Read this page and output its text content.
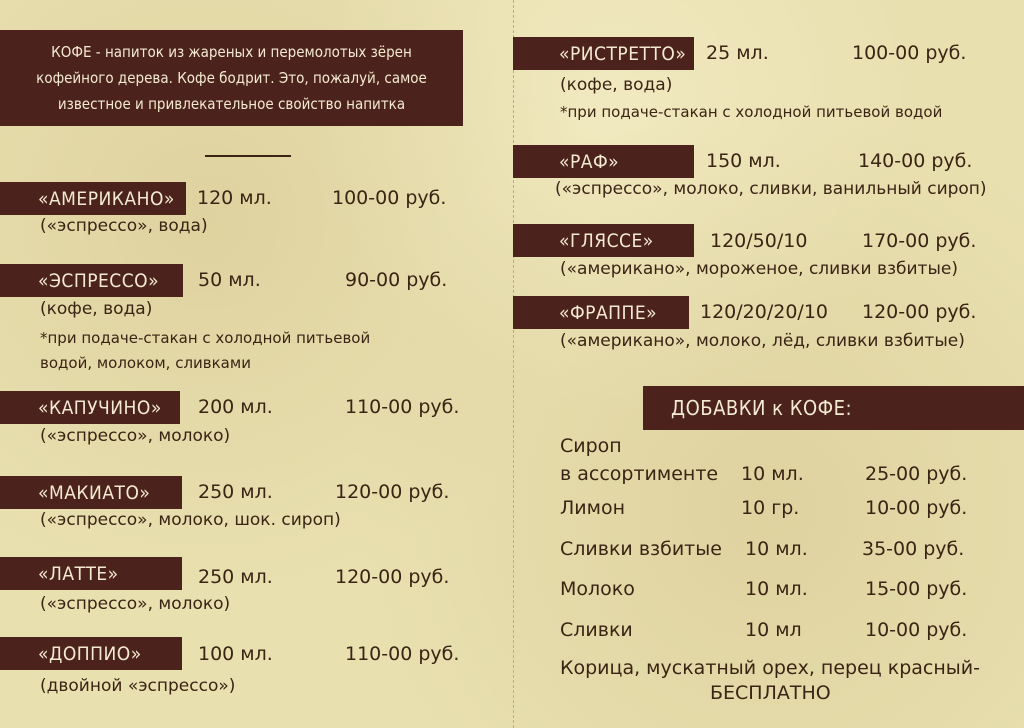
КОФЕ - напиток из жареных и перемолотых зёрен
кофейного дерева. Кофе бодрит. Это, пожалуй, самое
известное и привлекательное свойство напитка
«АМЕРИКАНО»	120 мл.	100-00 руб.
(«эспрессо», вода)
«ЭСПРЕССО»	50 мл.	90-00 руб.
(кофе, вода)
*при подаче-стакан с холодной питьевой
водой, молоком, сливками
«КАПУЧИНО»	200 мл.	110-00 руб.
(«эспрессо», молоко)
«МАКИАТО»	250 мл.	120-00 руб.
(«эспрессо», молоко, шок. сироп)
«ЛАТТЕ»	250 мл.	120-00 руб.
(«эспрессо», молоко)
«ДОППИО»	100 мл.	110-00 руб.
(двойной «эспрессо»)
«РИСТРЕТТО»	25 мл.	100-00 руб.
(кофе, вода)
*при подаче-стакан с холодной питьевой водой
«РАФ»	150 мл.	140-00 руб.
(«эспрессо», молоко, сливки, ванильный сироп)
«ГЛЯССЕ»	120/50/10	170-00 руб.
(«американо», мороженое, сливки взбитые)
«ФРАППЕ»	120/20/20/10 120-00 руб.
(«американо», молоко, лёд, сливки взбитые)
ДОБАВКИ к КОФЕ:
Сироп
в ассортименте 10 мл.	25-00 руб.
Лимон	10 гр.	10-00 руб.
Сливки взбитые 10 мл.	35-00 руб.
Молоко	10 мл.	15-00 руб.
Сливки	10 мл	10-00 руб.
Корица, мускатный орех, перец красный-
БЕСПЛАТНО
